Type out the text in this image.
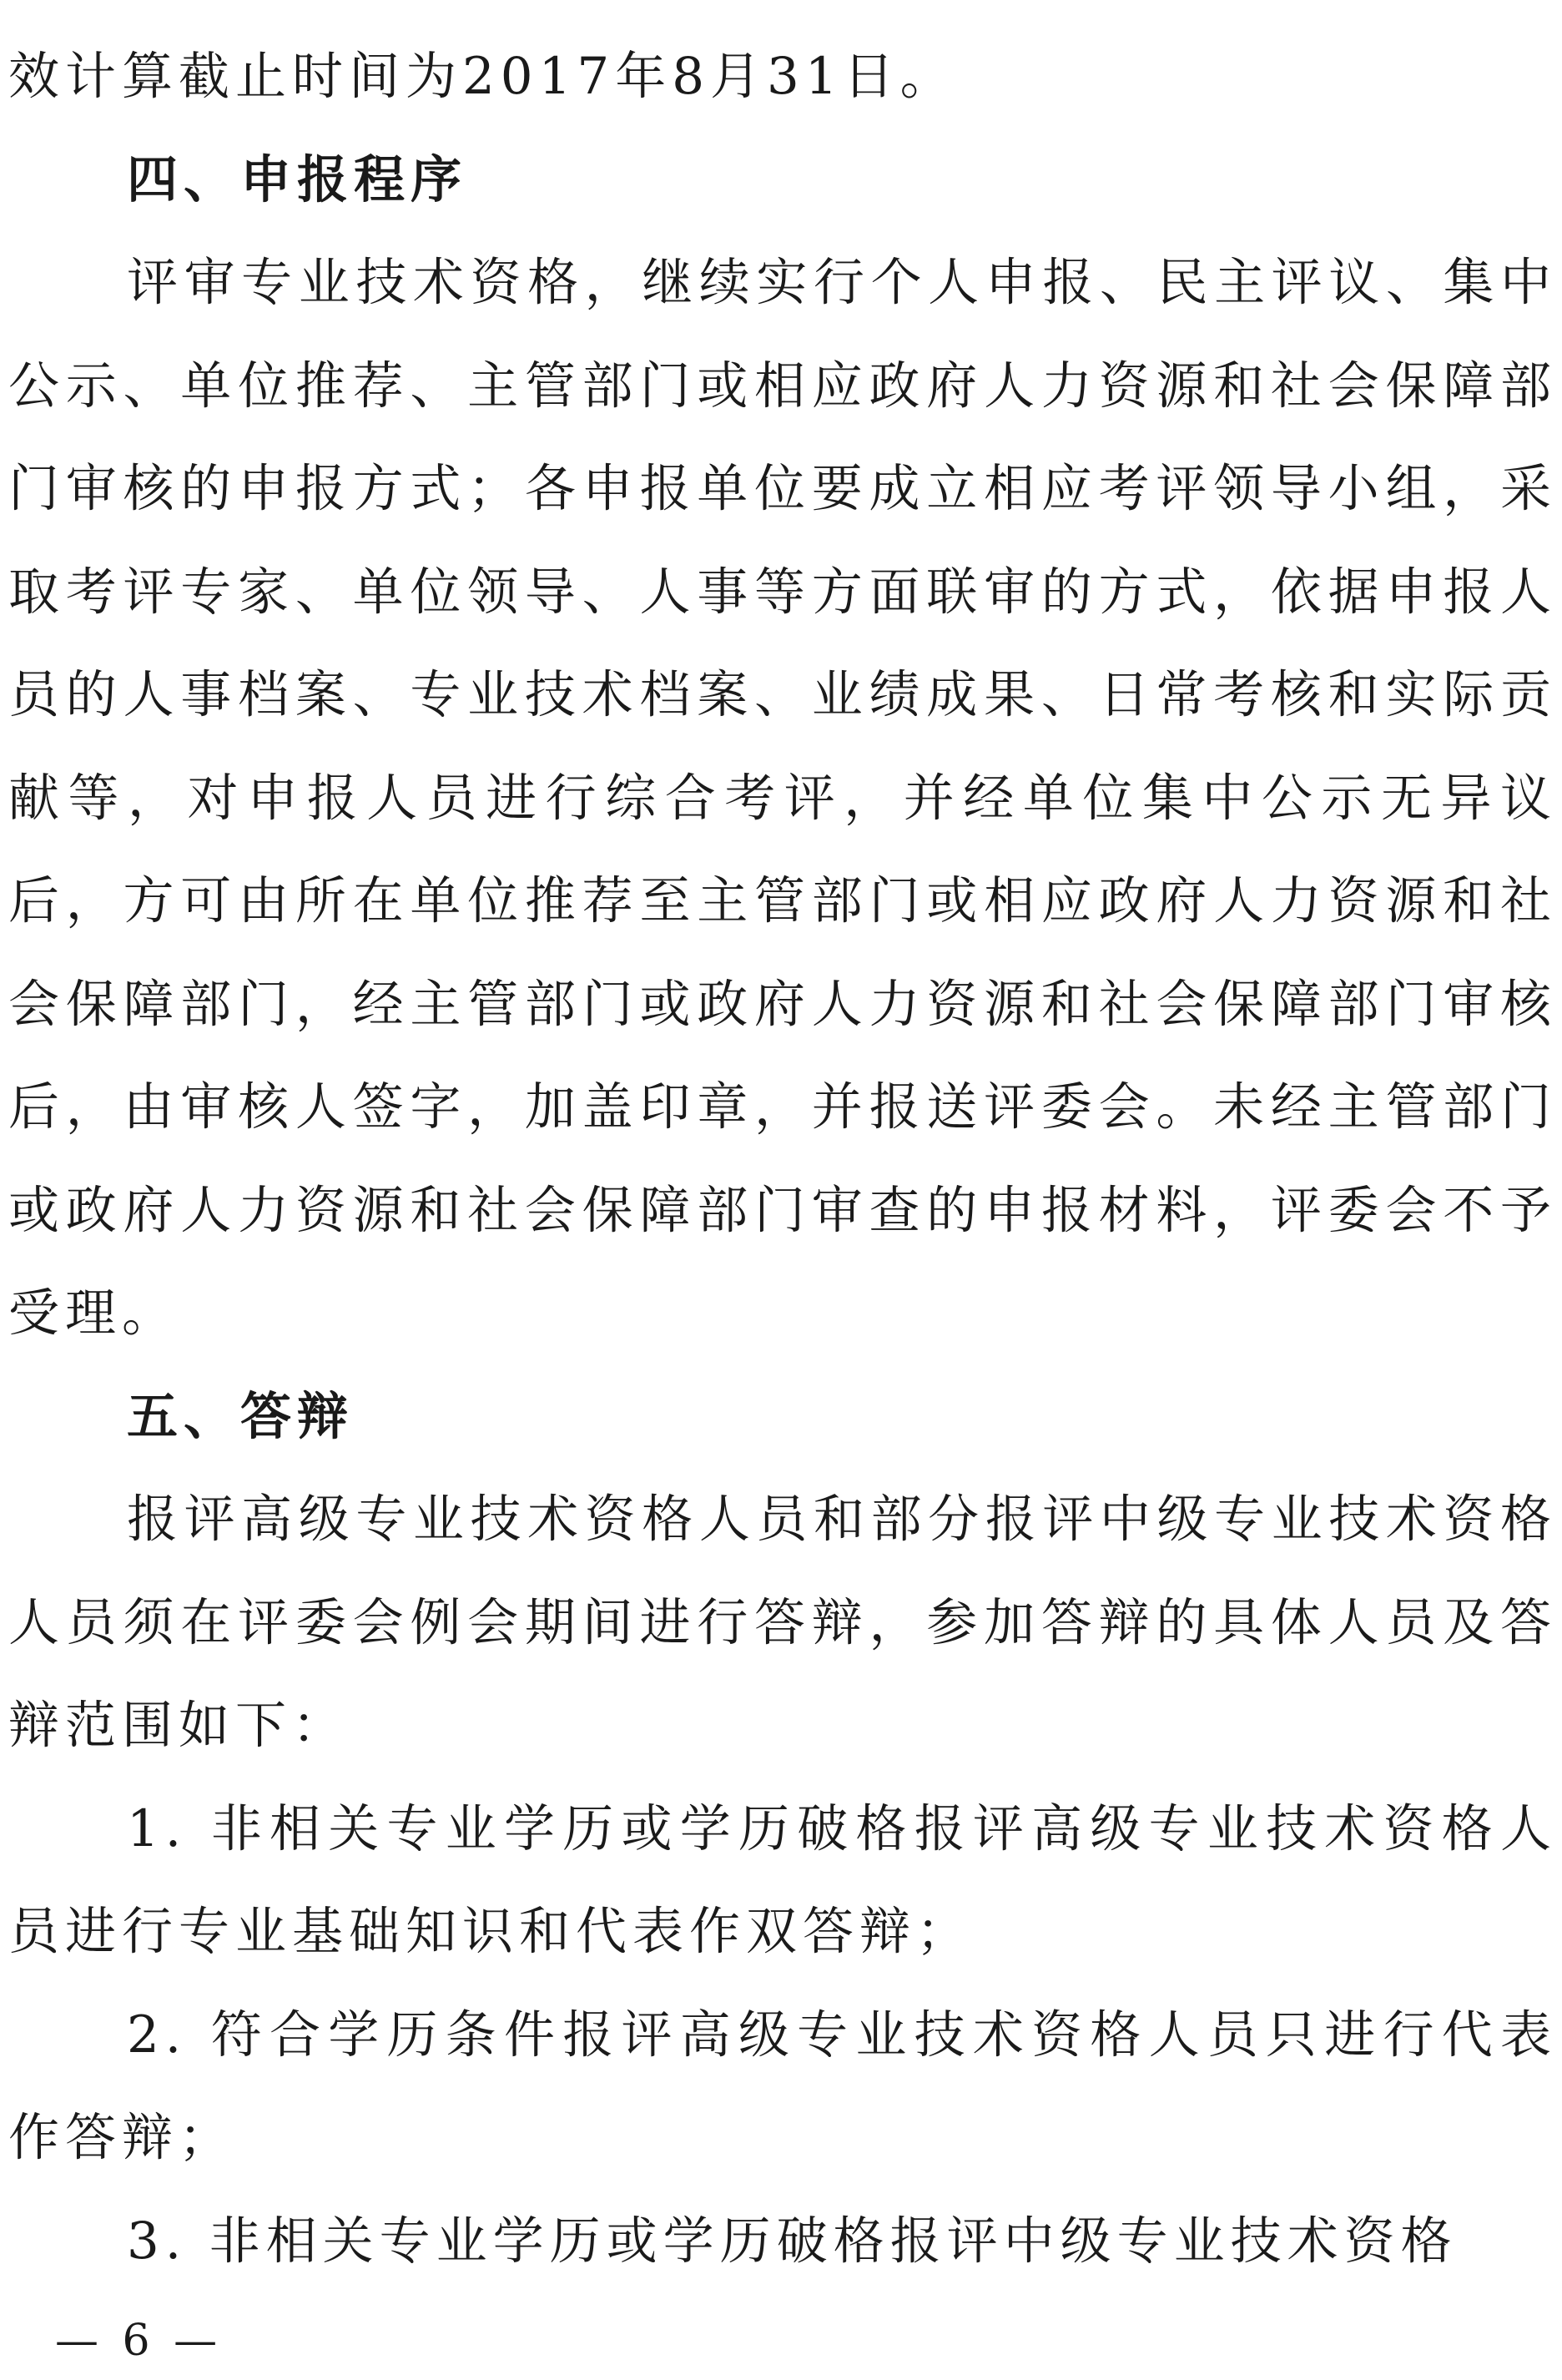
效计算截止时间为2017年8月31日。

四、申报程序

评审专业技术资格，继续实行个人申报、民主评议、集中公示、单位推荐、主管部门或相应政府人力资源和社会保障部门审核的申报方式；各申报单位要成立相应考评领导小组，采取考评专家、单位领导、人事等方面联审的方式，依据申报人员的人事档案、专业技术档案、业绩成果、日常考核和实际贡献等，对申报人员进行综合考评，并经单位集中公示无异议后，方可由所在单位推荐至主管部门或相应政府人力资源和社会保障部门，经主管部门或政府人力资源和社会保障部门审核后，由审核人签字，加盖印章，并报送评委会。未经主管部门或政府人力资源和社会保障部门审查的申报材料，评委会不予受理。

五、答辩

报评高级专业技术资格人员和部分报评中级专业技术资格人员须在评委会例会期间进行答辩，参加答辩的具体人员及答辩范围如下：

1. 非相关专业学历或学历破格报评高级专业技术资格人员进行专业基础知识和代表作双答辩；

2. 符合学历条件报评高级专业技术资格人员只进行代表作答辩；

3. 非相关专业学历或学历破格报评中级专业技术资格

— 6 —
